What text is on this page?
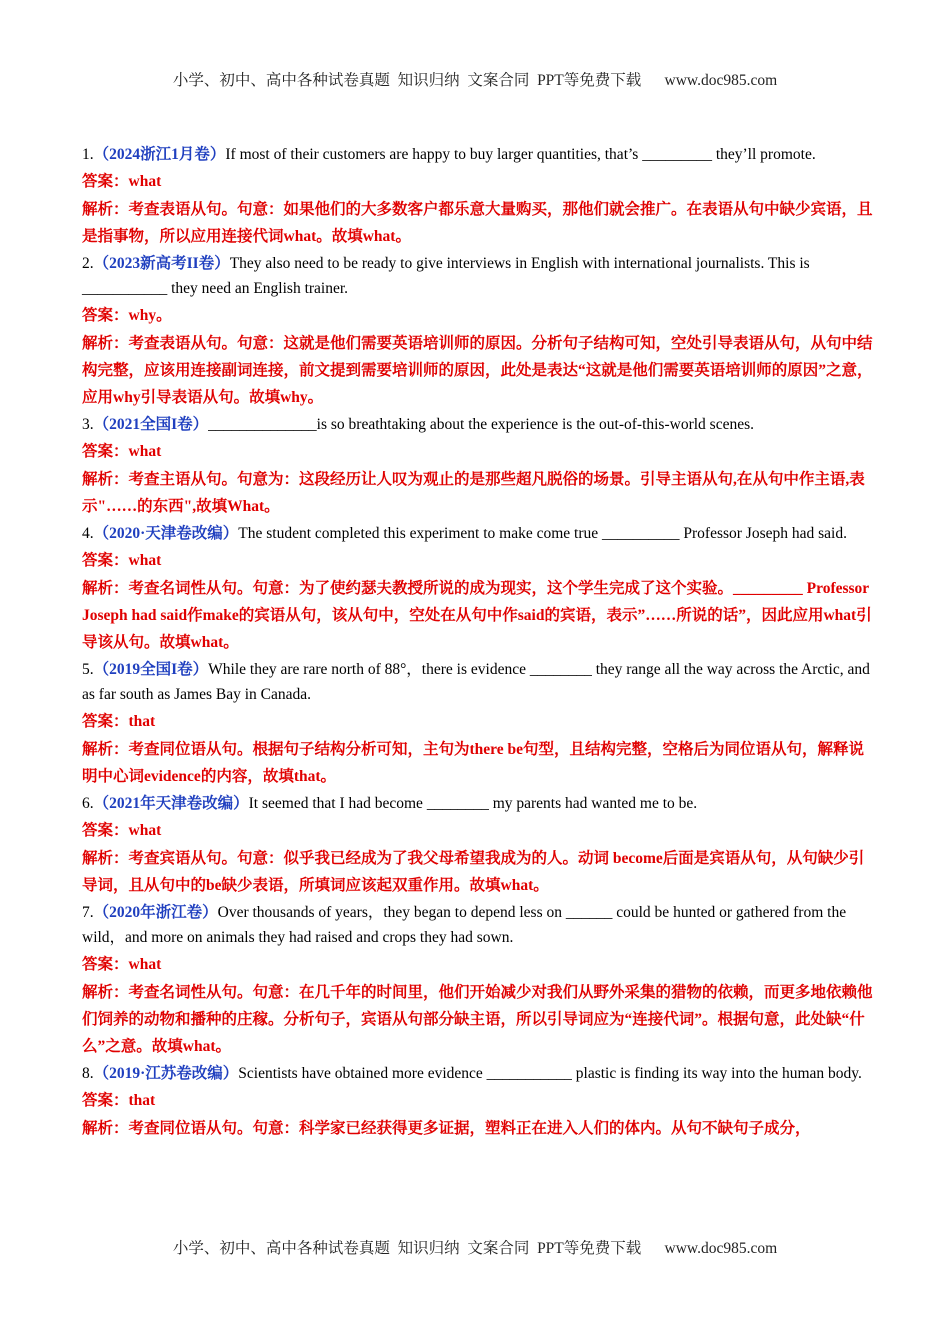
小学、初中、高中各种试卷真题  知识归纳  文案合同  PPT等免费下载      www.doc985.com

1.（2024浙江1月卷）If most of their customers are happy to buy larger quantities, that’s _________ they’ll promote.

答案：what

解析：考查表语从句。句意：如果他们的大多数客户都乐意大量购买，那他们就会推广。在表语从句中缺少宾语，且是指事物，所以应用连接代词what。故填what。

2.（2023新高考II卷）They also need to be ready to give interviews in English with international journalists. This is ___________ they need an English trainer.

答案：why。

解析：考查表语从句。句意：这就是他们需要英语培训师的原因。分析句子结构可知，空处引导表语从句，从句中结构完整，应该用连接副词连接，前文提到需要培训师的原因，此处是表达“这就是他们需要英语培训师的原因”之意，应用why引导表语从句。故填why。

3.（2021全国I卷）______________is so breathtaking about the experience is the out-of-this-world scenes.

答案：what

解析：考查主语从句。句意为：这段经历让人叹为观止的是那些超凡脱俗的场景。引导主语从句,在从句中作主语,表示"……的东西",故填What。

4.（2020·天津卷改编）The student completed this experiment to make come true __________ Professor Joseph had said.

答案：what

解析：考查名词性从句。句意：为了使约瑟夫教授所说的成为现实，这个学生完成了这个实验。_________ Professor Joseph had said作make的宾语从句，该从句中，空处在从句中作said的宾语，表示”……所说的话”，因此应用what引导该从句。故填what。

5.（2019全国I卷）While they are rare north of 88°，there is evidence ________ they range all the way across the Arctic, and as far south as James Bay in Canada.

答案：that

解析：考查同位语从句。根据句子结构分析可知，主句为there be句型，且结构完整，空格后为同位语从句，解释说明中心词evidence的内容，故填that。

6.（2021年天津卷改编）It seemed that I had become ________ my parents had wanted me to be.

答案：what

解析：考查宾语从句。句意：似乎我已经成为了我父母希望我成为的人。动词 become后面是宾语从句，从句缺少引导词，且从句中的be缺少表语，所填词应该起双重作用。故填what。

7.（2020年浙江卷）Over thousands of years，they began to depend less on ______ could be hunted or gathered from the wild，and more on animals they had raised and crops they had sown.

答案：what

解析：考查名词性从句。句意：在几千年的时间里，他们开始减少对我们从野外采集的猎物的依赖，而更多地依赖他们饲养的动物和播种的庄稼。分析句子，宾语从句部分缺主语，所以引导词应为“连接代词”。根据句意，此处缺“什么”之意。故填what。

8.（2019·江苏卷改编）Scientists have obtained more evidence ___________ plastic is finding its way into the human body.

答案：that

解析：考查同位语从句。句意：科学家已经获得更多证据，塑料正在进入人们的体内。从句不缺句子成分，

小学、初中、高中各种试卷真题  知识归纳  文案合同  PPT等免费下载      www.doc985.com
